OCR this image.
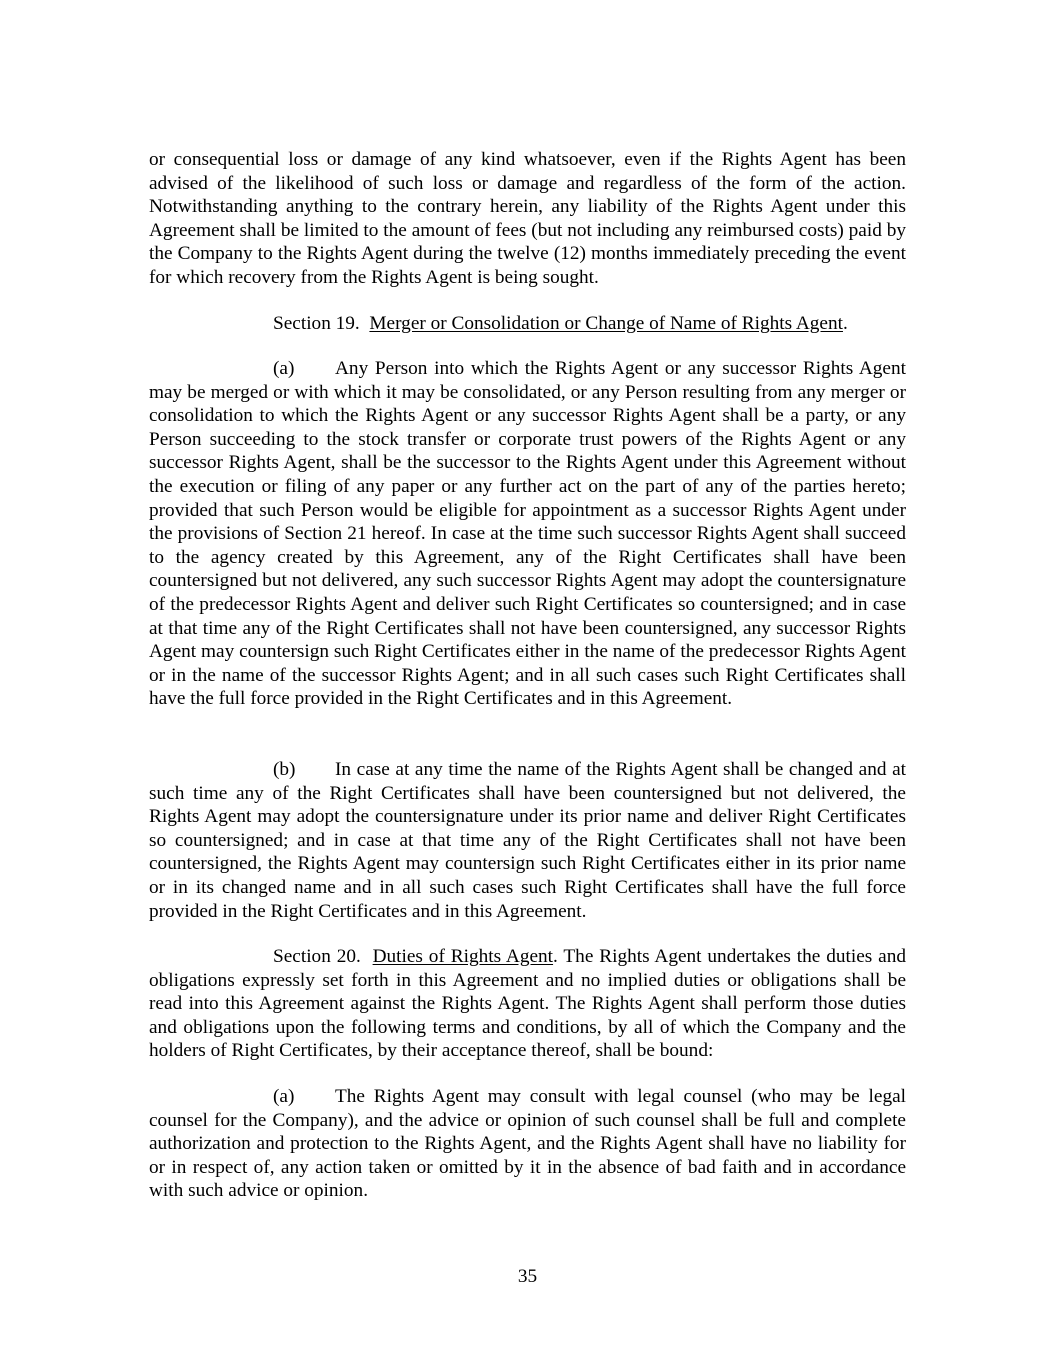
or consequential loss or damage of any kind whatsoever, even if the Rights Agent has been advised of the likelihood of such loss or damage and regardless of the form of the action. Notwithstanding anything to the contrary herein, any liability of the Rights Agent under this Agreement shall be limited to the amount of fees (but not including any reimbursed costs) paid by the Company to the Rights Agent during the twelve (12) months immediately preceding the event for which recovery from the Rights Agent is being sought.

Section 19. Merger or Consolidation or Change of Name of Rights Agent.

(a) Any Person into which the Rights Agent or any successor Rights Agent may be merged or with which it may be consolidated, or any Person resulting from any merger or consolidation to which the Rights Agent or any successor Rights Agent shall be a party, or any Person succeeding to the stock transfer or corporate trust powers of the Rights Agent or any successor Rights Agent, shall be the successor to the Rights Agent under this Agreement without the execution or filing of any paper or any further act on the part of any of the parties hereto; provided that such Person would be eligible for appointment as a successor Rights Agent under the provisions of Section 21 hereof. In case at the time such successor Rights Agent shall succeed to the agency created by this Agreement, any of the Right Certificates shall have been countersigned but not delivered, any such successor Rights Agent may adopt the countersignature of the predecessor Rights Agent and deliver such Right Certificates so countersigned; and in case at that time any of the Right Certificates shall not have been countersigned, any successor Rights Agent may countersign such Right Certificates either in the name of the predecessor Rights Agent or in the name of the successor Rights Agent; and in all such cases such Right Certificates shall have the full force provided in the Right Certificates and in this Agreement.

(b) In case at any time the name of the Rights Agent shall be changed and at such time any of the Right Certificates shall have been countersigned but not delivered, the Rights Agent may adopt the countersignature under its prior name and deliver Right Certificates so countersigned; and in case at that time any of the Right Certificates shall not have been countersigned, the Rights Agent may countersign such Right Certificates either in its prior name or in its changed name and in all such cases such Right Certificates shall have the full force provided in the Right Certificates and in this Agreement.

Section 20. Duties of Rights Agent. The Rights Agent undertakes the duties and obligations expressly set forth in this Agreement and no implied duties or obligations shall be read into this Agreement against the Rights Agent. The Rights Agent shall perform those duties and obligations upon the following terms and conditions, by all of which the Company and the holders of Right Certificates, by their acceptance thereof, shall be bound:

(a) The Rights Agent may consult with legal counsel (who may be legal counsel for the Company), and the advice or opinion of such counsel shall be full and complete authorization and protection to the Rights Agent, and the Rights Agent shall have no liability for or in respect of, any action taken or omitted by it in the absence of bad faith and in accordance with such advice or opinion.

35
